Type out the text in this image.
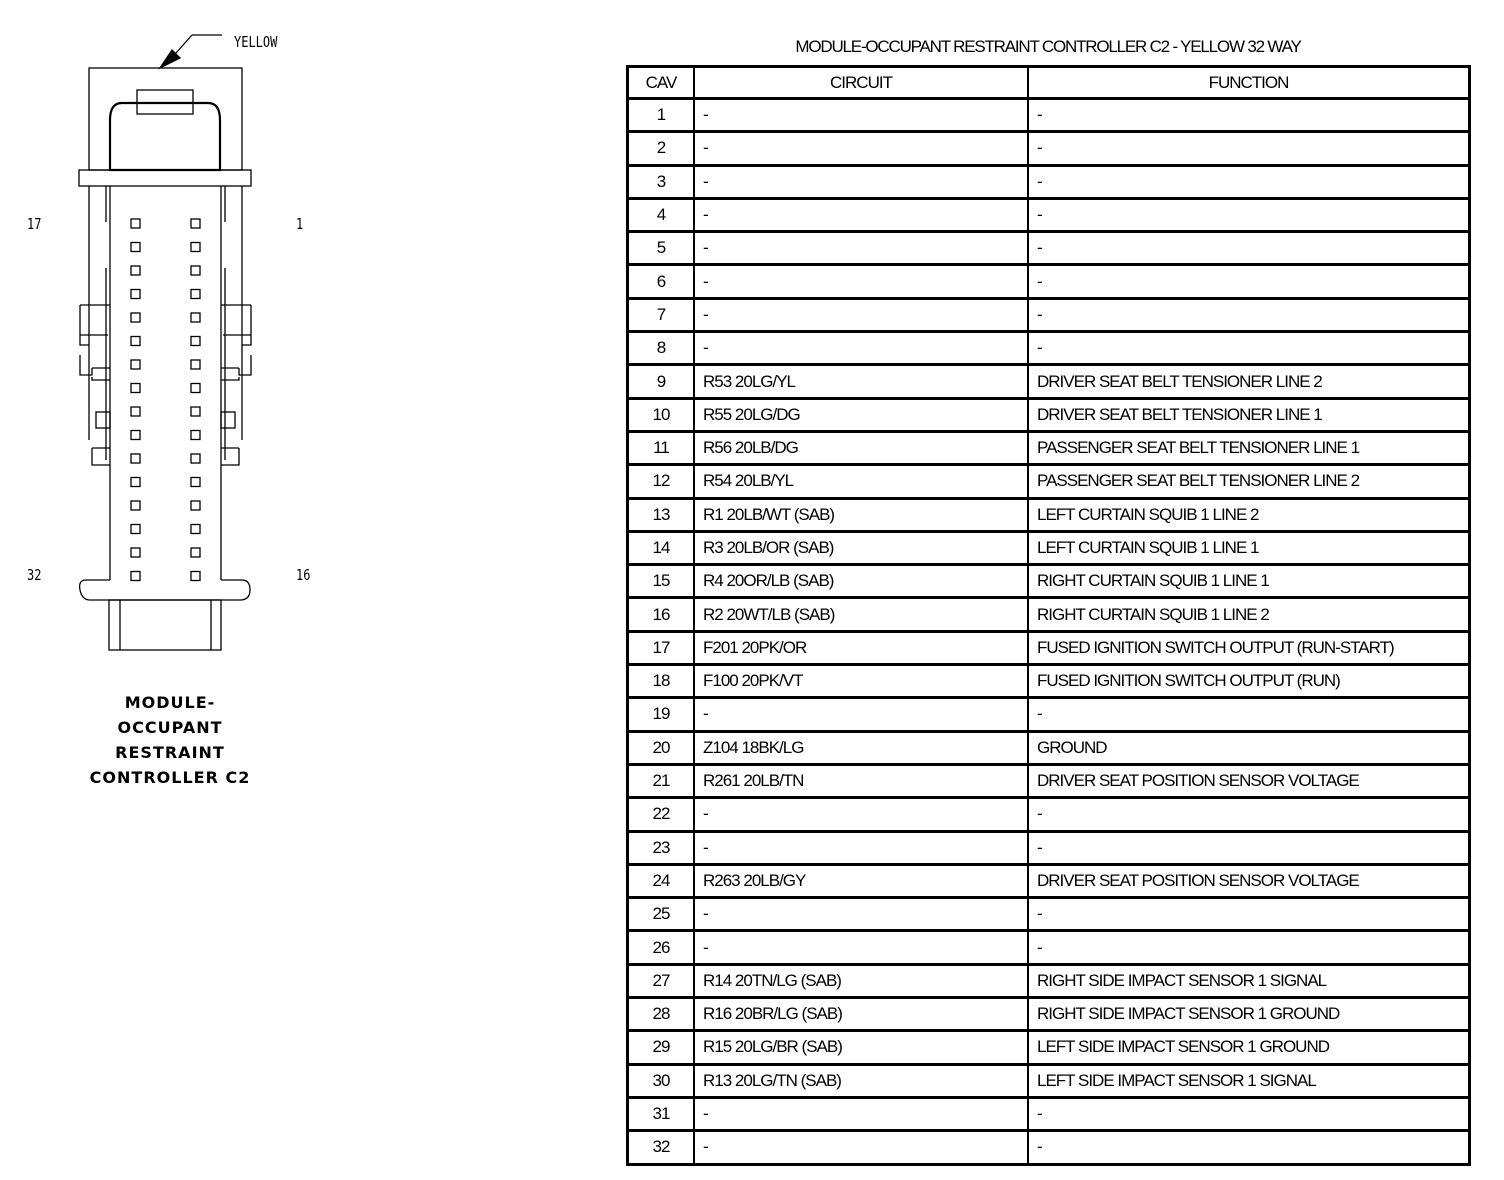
YELLOW
17	1
32	16
MODULE-
OCCUPANT
RESTRAINT
CONTROLLER C2
MODULE-OCCUPANT RESTRAINT CONTROLLER C2 - YELLOW 32 WAY
CAV	CIRCUIT	FUNCTION
1	-	-
2	-	-
3	-	-
4	-	-
5	-	-
6	-	-
7	-	-
8	-	-
9	R53 20LG/YL	DRIVER SEAT BELT TENSIONER LINE 2
10	R55 20LG/DG	DRIVER SEAT BELT TENSIONER LINE 1
11	R56 20LB/DG	PASSENGER SEAT BELT TENSIONER LINE 1
12	R54 20LB/YL	PASSENGER SEAT BELT TENSIONER LINE 2
13	R1 20LB/WT (SAB)	LEFT CURTAIN SQUIB 1 LINE 2
14	R3 20LB/OR (SAB)	LEFT CURTAIN SQUIB 1 LINE 1
15	R4 20OR/LB (SAB)	RIGHT CURTAIN SQUIB 1 LINE 1
16	R2 20WT/LB (SAB)	RIGHT CURTAIN SQUIB 1 LINE 2
17	F201 20PK/OR	FUSED IGNITION SWITCH OUTPUT (RUN-START)
18	F100 20PK/VT	FUSED IGNITION SWITCH OUTPUT (RUN)
19	-	-
20	Z104 18BK/LG	GROUND
21	R261 20LB/TN	DRIVER SEAT POSITION SENSOR VOLTAGE
22	-	-
23	-	-
24	R263 20LB/GY	DRIVER SEAT POSITION SENSOR VOLTAGE
25	-	-
26	-	-
27	R14 20TN/LG (SAB)	RIGHT SIDE IMPACT SENSOR 1 SIGNAL
28	R16 20BR/LG (SAB)	RIGHT SIDE IMPACT SENSOR 1 GROUND
29	R15 20LG/BR (SAB)	LEFT SIDE IMPACT SENSOR 1 GROUND
30	R13 20LG/TN (SAB)	LEFT SIDE IMPACT SENSOR 1 SIGNAL
31	-	-
32	-	-
